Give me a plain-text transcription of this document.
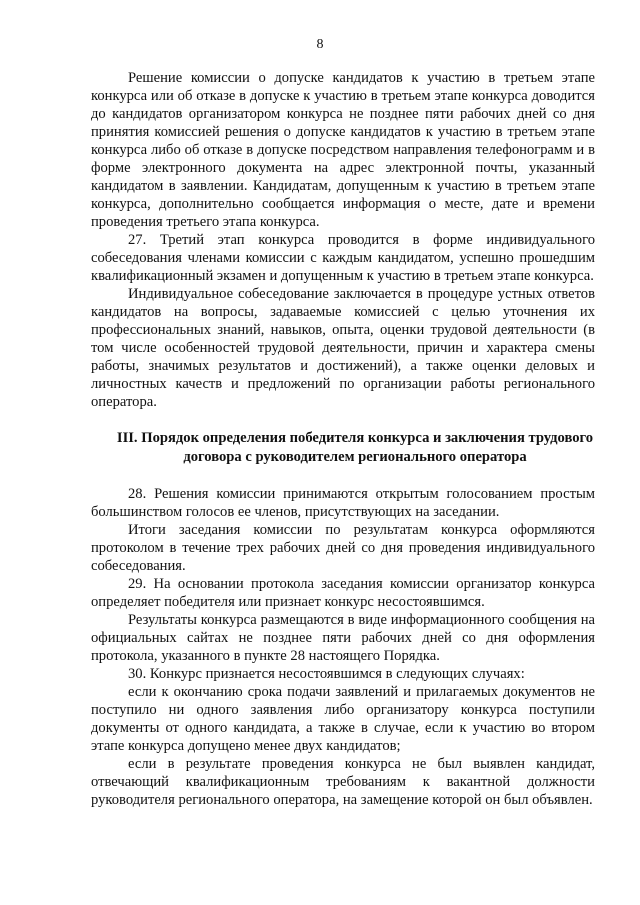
8

Решение комиссии о допуске кандидатов к участию в третьем этапе конкурса или об отказе в допуске к участию в третьем этапе конкурса доводится до кандидатов организатором конкурса не позднее пяти рабочих дней со дня принятия комиссией решения о допуске кандидатов к участию в третьем этапе конкурса либо об отказе в допуске посредством направления телефонограмм и в форме электронного документа на адрес электронной почты, указанный кандидатом в заявлении. Кандидатам, допущенным к участию в третьем этапе конкурса, дополнительно сообщается информация о месте, дате и времени проведения третьего этапа конкурса.

27. Третий этап конкурса проводится в форме индивидуального собеседования членами комиссии с каждым кандидатом, успешно прошедшим квалификационный экзамен и допущенным к участию в третьем этапе конкурса.

Индивидуальное собеседование заключается в процедуре устных ответов кандидатов на вопросы, задаваемые комиссией с целью уточнения их профессиональных знаний, навыков, опыта, оценки трудовой деятельности (в том числе особенностей трудовой деятельности, причин и характера смены работы, значимых результатов и достижений), а также оценки деловых и личностных качеств и предложений по организации работы регионального оператора.

III. Порядок определения победителя конкурса и заключения трудового договора с руководителем регионального оператора

28. Решения комиссии принимаются открытым голосованием простым большинством голосов ее членов, присутствующих на заседании.

Итоги заседания комиссии по результатам конкурса оформляются протоколом в течение трех рабочих дней со дня проведения индивидуального собеседования.

29. На основании протокола заседания комиссии организатор конкурса определяет победителя или признает конкурс несостоявшимся.

Результаты конкурса размещаются в виде информационного сообщения на официальных сайтах не позднее пяти рабочих дней со дня оформления протокола, указанного в пункте 28 настоящего Порядка.

30. Конкурс признается несостоявшимся в следующих случаях:

если к окончанию срока подачи заявлений и прилагаемых документов не поступило ни одного заявления либо организатору конкурса поступили документы от одного кандидата, а также в случае, если к участию во втором этапе конкурса допущено менее двух кандидатов;

если в результате проведения конкурса не был выявлен кандидат, отвечающий квалификационным требованиям к вакантной должности руководителя регионального оператора, на замещение которой он был объявлен.
